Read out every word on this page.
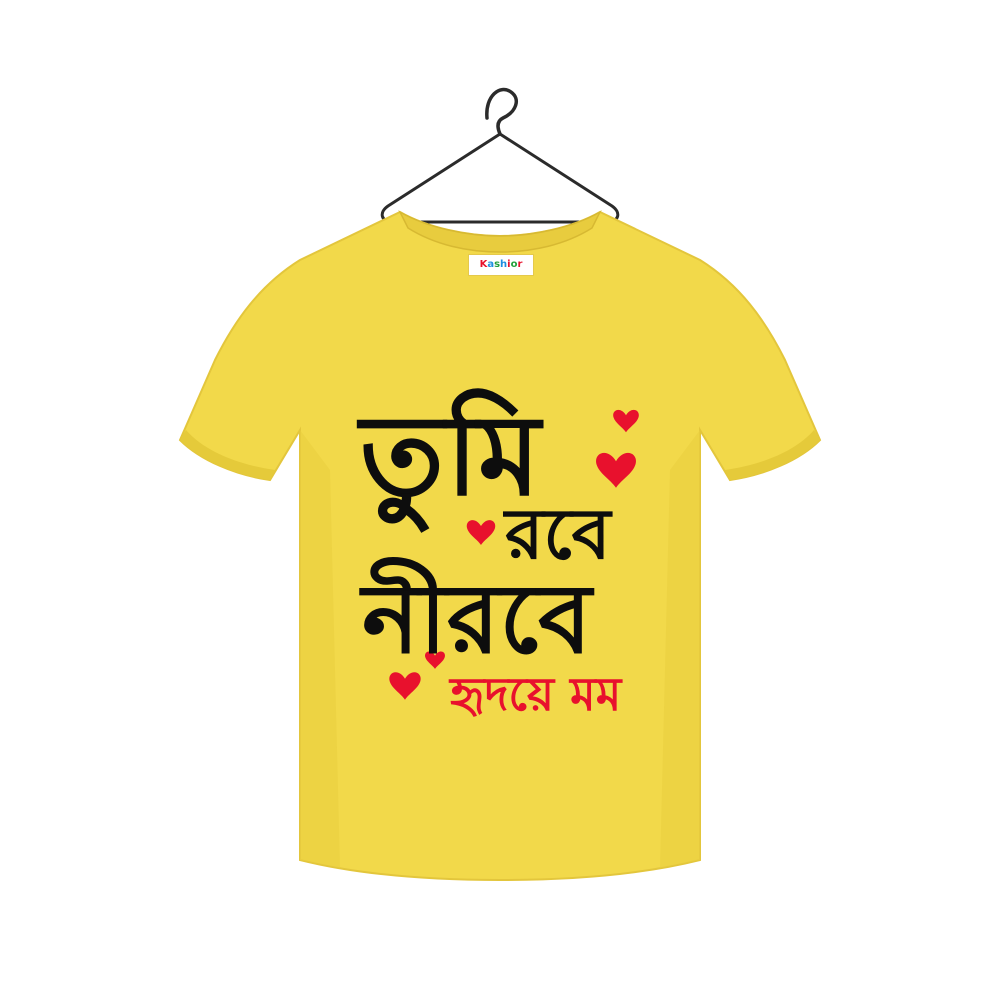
Kashior

তুমি

রবে

নীরবে

হৃদয়ে মম
